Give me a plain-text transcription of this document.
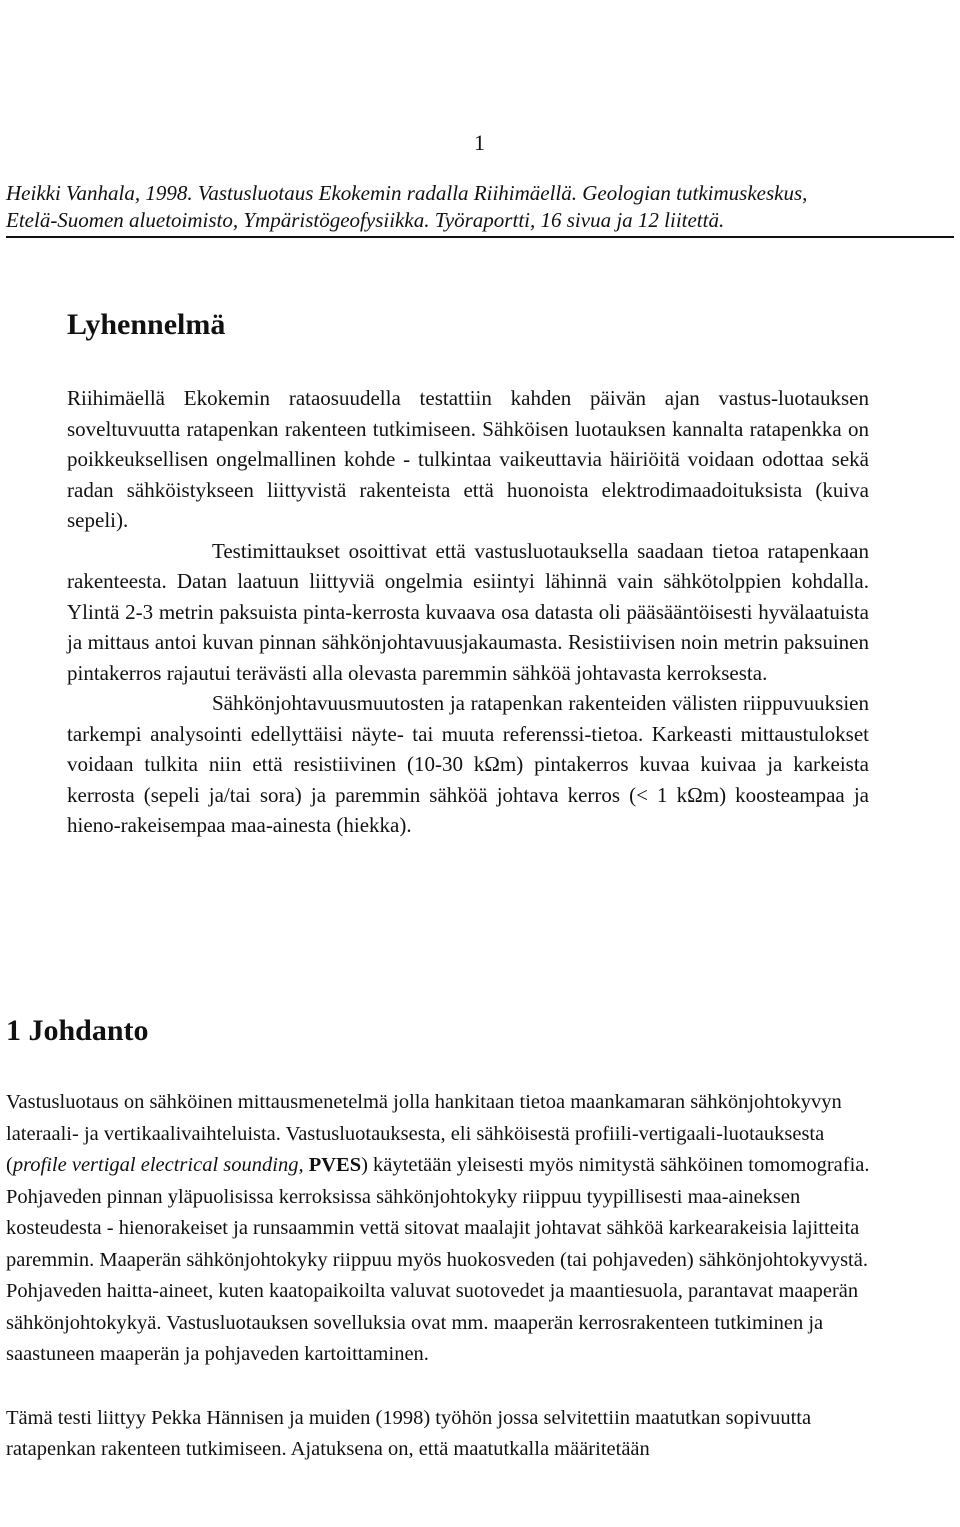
1
Heikki Vanhala, 1998. Vastusluotaus Ekokemin radalla Riihimäellä. Geologian tutkimuskeskus,
Etelä-Suomen aluetoimisto, Ympäristögeofysiikka. Työraportti, 16 sivua ja 12 liitettä.
Lyhennelmä

Riihimäellä Ekokemin rataosuudella testattiin kahden päivän ajan vastus-luotauksen soveltuvuutta ratapenkan rakenteen tutkimiseen. Sähköisen luotauksen kannalta ratapenkka on poikkeuksellisen ongelmallinen kohde - tulkintaa vaikeuttavia häiriöitä voidaan odottaa sekä radan sähköistykseen liittyvistä rakenteista että huonoista elektrodimaadoituksista (kuiva sepeli).

Testimittaukset osoittivat että vastusluotauksella saadaan tietoa ratapenkaan rakenteesta. Datan laatuun liittyviä ongelmia esiintyi lähinnä vain sähkötolppien kohdalla. Ylintä 2-3 metrin paksuista pinta-kerrosta kuvaava osa datasta oli pääsääntöisesti hyvälaatuista ja mittaus antoi kuvan pinnan sähkönjohtavuusjakaumasta. Resistiivisen noin metrin paksuinen pintakerros rajautui terävästi alla olevasta paremmin sähköä johtavasta kerroksesta.

Sähkönjohtavuusmuutosten ja ratapenkan rakenteiden välisten riippuvuuksien tarkempi analysointi edellyttäisi näyte- tai muuta referenssi-tietoa. Karkeasti mittaustulokset voidaan tulkita niin että resistiivinen (10-30 kΩm) pintakerros kuvaa kuivaa ja karkeista kerrosta (sepeli ja/tai sora) ja paremmin sähköä johtava kerros (< 1 kΩm) koosteampaa ja hieno-rakeisempaa maa-ainesta (hiekka).

1 Johdanto

Vastusluotaus on sähköinen mittausmenetelmä jolla hankitaan tietoa maankamaran sähkönjohtokyvyn lateraali- ja vertikaalivaihteluista. Vastusluotauksesta, eli sähköisestä profiili-vertigaali-luotauksesta (profile vertigal electrical sounding, PVES) käytetään yleisesti myös nimitystä sähköinen tomomografia. Pohjaveden pinnan yläpuolisissa kerroksissa sähkönjohtokyky riippuu tyypillisesti maa-aineksen kosteudesta - hienorakeiset ja runsaammin vettä sitovat maalajit johtavat sähköä karkearakeisia lajitteita paremmin. Maaperän sähkönjohtokyky riippuu myös huokosveden (tai pohjaveden) sähkönjohtokyvystä. Pohjaveden haitta-aineet, kuten kaatopaikoilta valuvat suotovedet ja maantiesuola, parantavat maaperän sähkönjohtokykyä. Vastusluotauksen sovelluksia ovat mm. maaperän kerrosrakenteen tutkiminen ja saastuneen maaperän ja pohjaveden kartoittaminen.

Tämä testi liittyy Pekka Hännisen ja muiden (1998) työhön jossa selvitettiin maatutkan sopivuutta ratapenkan rakenteen tutkimiseen. Ajatuksena on, että maatutkalla määritetään
